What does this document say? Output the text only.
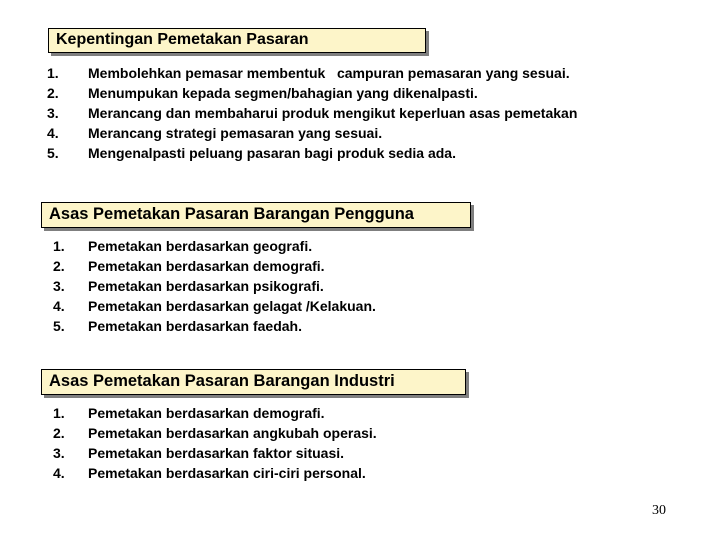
Kepentingan Pemetakan Pasaran
1.	Membolehkan pemasar membentuk   campuran pemasaran yang sesuai.
2.	Menumpukan kepada segmen/bahagian yang dikenalpasti.
3.	Merancang dan membaharui produk mengikut keperluan asas pemetakan
4.	Merancang strategi pemasaran yang sesuai.
5.	Mengenalpasti peluang pasaran bagi produk sedia ada.
Asas Pemetakan Pasaran Barangan Pengguna
1.	Pemetakan berdasarkan geografi.
2.	Pemetakan berdasarkan demografi.
3.	Pemetakan berdasarkan psikografi.
4.	Pemetakan berdasarkan gelagat /Kelakuan.
5.	Pemetakan berdasarkan faedah.
Asas Pemetakan Pasaran Barangan Industri
1.	Pemetakan berdasarkan demografi.
2.	Pemetakan berdasarkan angkubah operasi.
3.	Pemetakan berdasarkan faktor situasi.
4.	Pemetakan berdasarkan ciri-ciri personal.
30
